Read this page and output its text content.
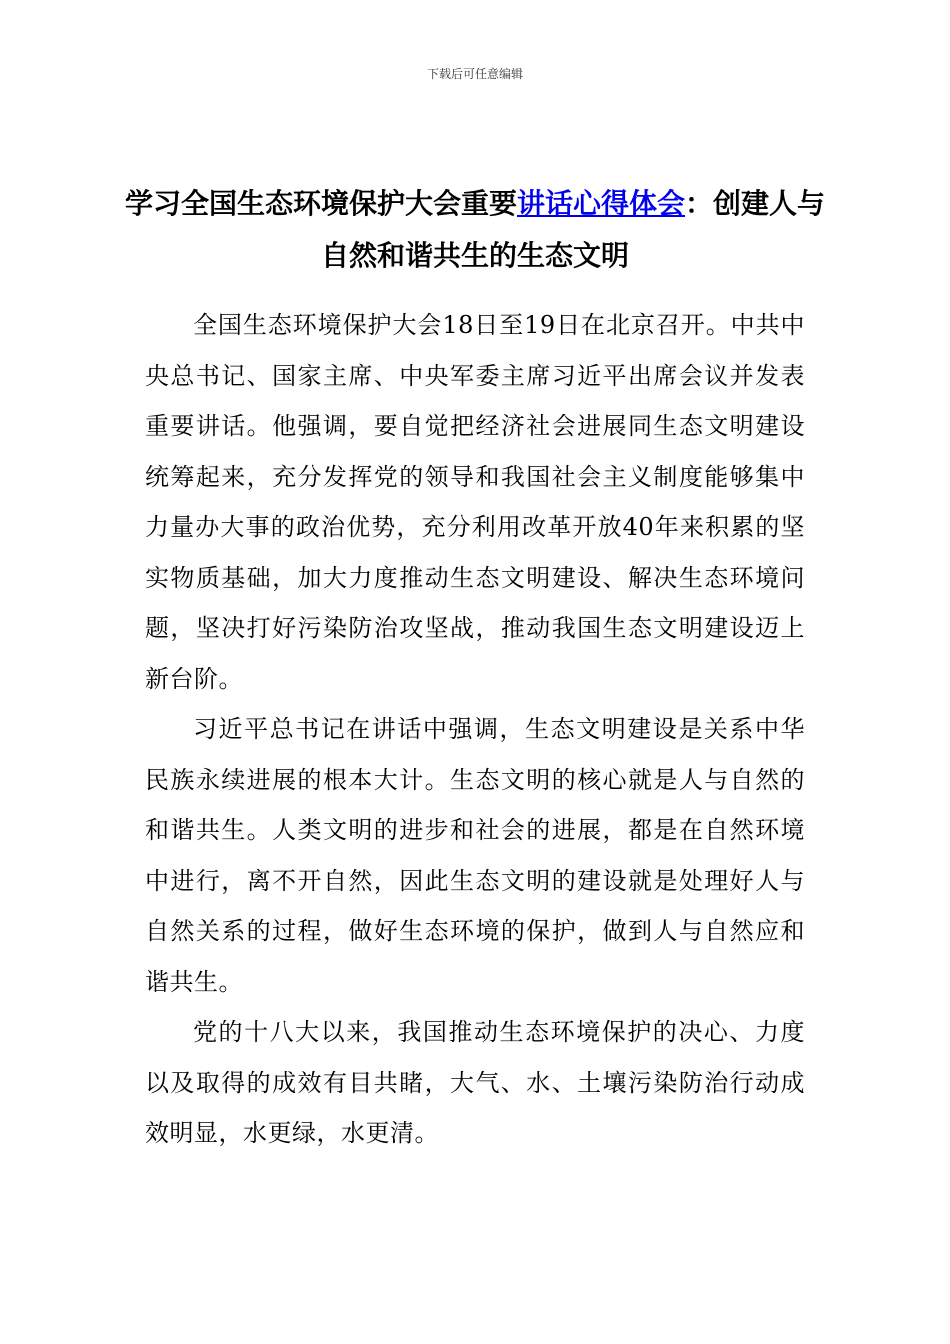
下载后可任意编辑
学习全国生态环境保护大会重要讲话心得体会：创建人与自然和谐共生的生态文明

全国生态环境保护大会18日至19日在北京召开。中共中央总书记、国家主席、中央军委主席习近平出席会议并发表重要讲话。他强调，要自觉把经济社会进展同生态文明建设统筹起来，充分发挥党的领导和我国社会主义制度能够集中力量办大事的政治优势，充分利用改革开放40年来积累的坚实物质基础，加大力度推动生态文明建设、解决生态环境问题，坚决打好污染防治攻坚战，推动我国生态文明建设迈上新台阶。

习近平总书记在讲话中强调，生态文明建设是关系中华民族永续进展的根本大计。生态文明的核心就是人与自然的和谐共生。人类文明的进步和社会的进展，都是在自然环境中进行，离不开自然，因此生态文明的建设就是处理好人与自然关系的过程，做好生态环境的保护，做到人与自然应和谐共生。

党的十八大以来，我国推动生态环境保护的决心、力度以及取得的成效有目共睹，大气、水、土壤污染防治行动成效明显，水更绿，水更清。
